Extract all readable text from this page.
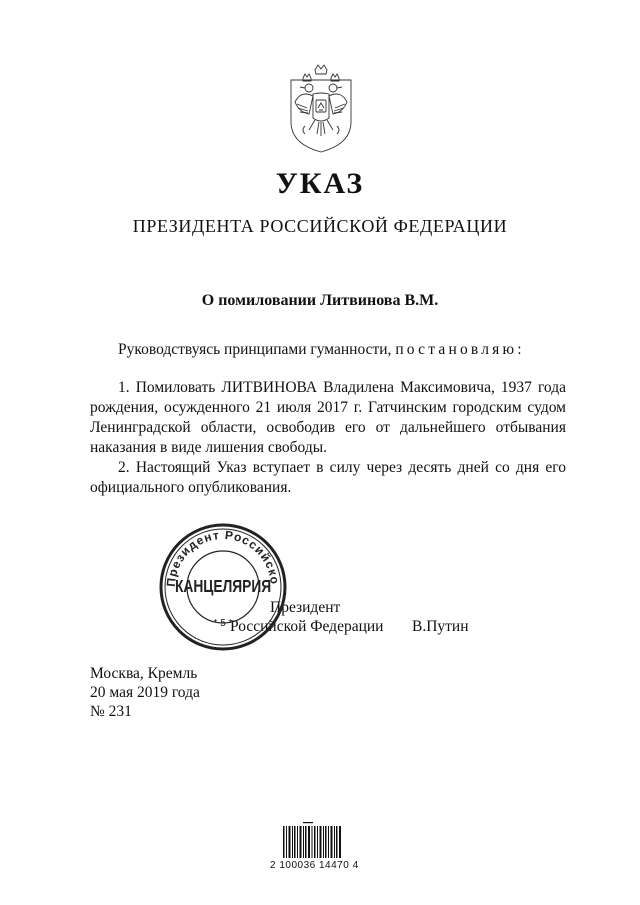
УКАЗ
ПРЕЗИДЕНТА РОССИЙСКОЙ ФЕДЕРАЦИИ
О помиловании Литвинова В.М.
Руководствуясь принципами гуманности, постановляю:
1. Помиловать ЛИТВИНОВА Владилена Максимовича, 1937 года рождения, осужденного 21 июля 2017 г. Гатчинским городским судом Ленинградской области, освободив его от дальнейшего отбывания наказания в виде лишения свободы.
2. Настоящий Указ вступает в силу через десять дней со дня его официального опубликования.
Президент
Российской Федерации В.Путин
Президент Российско
* 5 *
КАНЦЕЛЯРИЯ
Москва, Кремль
20 мая 2019 года
№ 231
2 100036 14470 4
